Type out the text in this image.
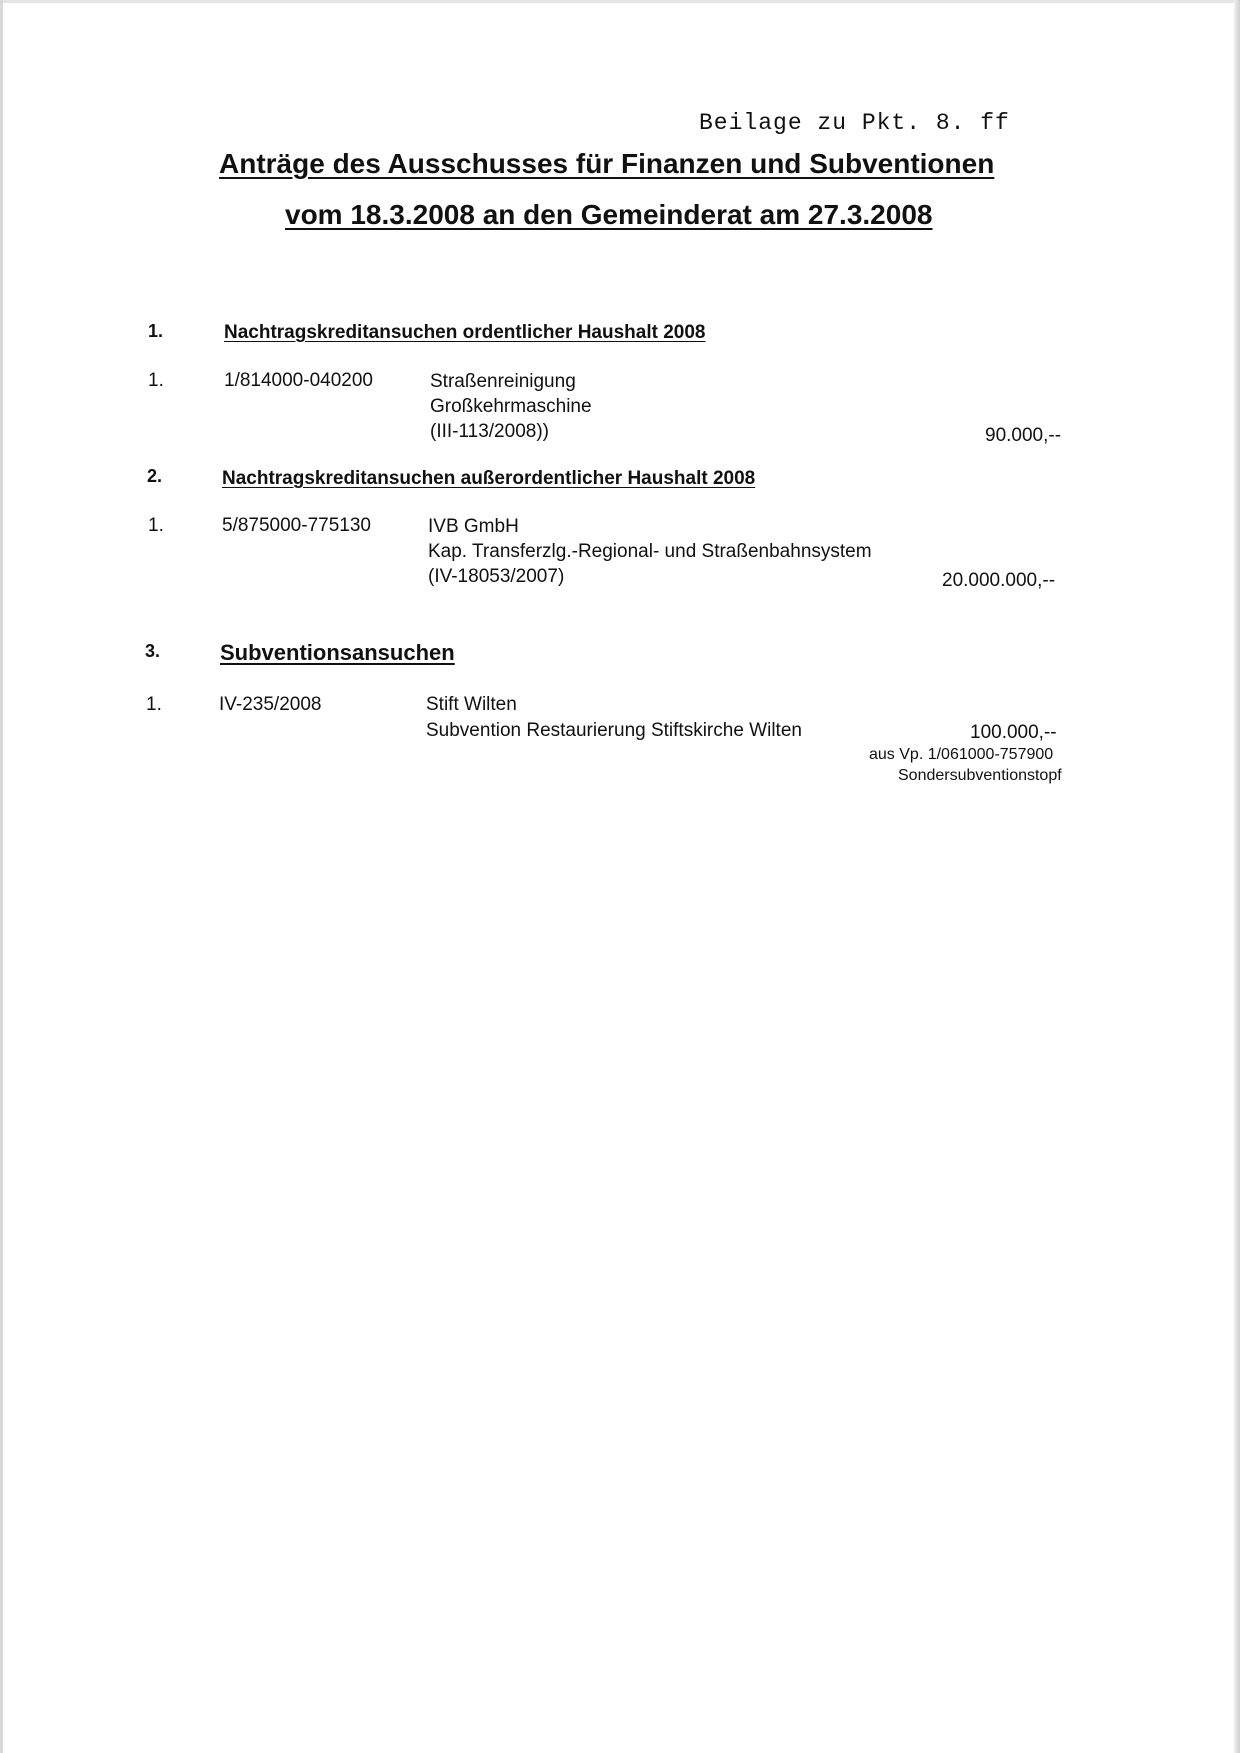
Beilage zu Pkt. 8. ff
Anträge des Ausschusses für Finanzen und Subventionen
vom 18.3.2008 an den Gemeinderat am 27.3.2008
1.	Nachtragskreditansuchen ordentlicher Haushalt 2008
1.	1/814000-040200	Straßenreinigung
Großkehrmaschine
(III-113/2008))	90.000,--
2.	Nachtragskreditansuchen außerordentlicher Haushalt 2008
1.	5/875000-775130	IVB GmbH
Kap. Transferzlg.-Regional- und Straßenbahnsystem
(IV-18053/2007)	20.000.000,--
3.	Subventionsansuchen
1.	IV-235/2008	Stift Wilten
Subvention Restaurierung Stiftskirche Wilten	100.000,--
aus Vp. 1/061000-757900
Sondersubventionstopf
